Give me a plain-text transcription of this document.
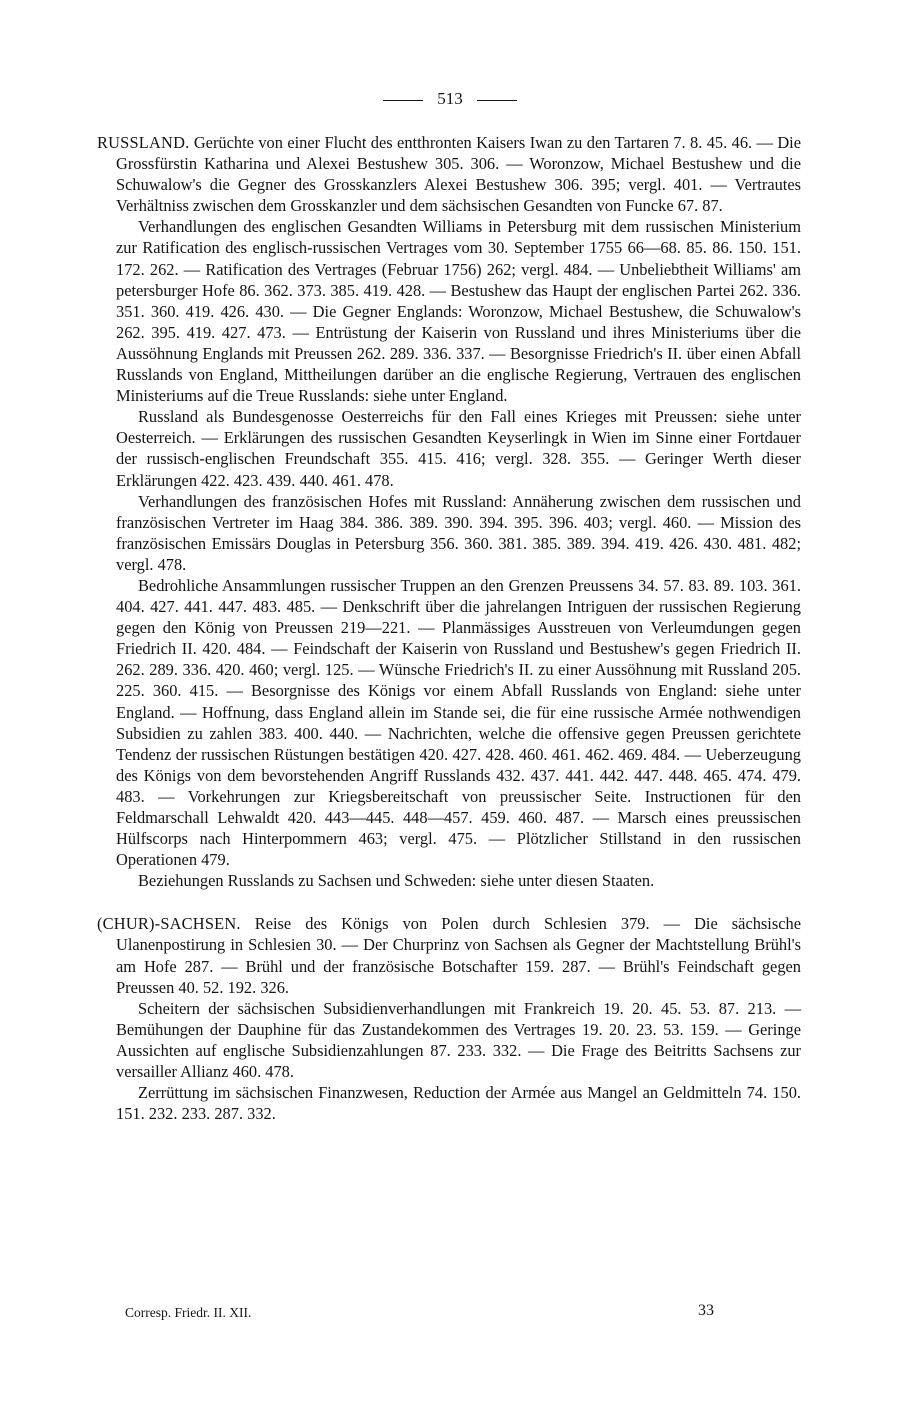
513

RUSSLAND. Gerüchte von einer Flucht des entthronten Kaisers Iwan zu den Tartaren 7. 8. 45. 46. — Die Grossfürstin Katharina und Alexei Bestushew 305. 306. — Woronzow, Michael Bestushew und die Schuwalow's die Gegner des Grosskanzlers Alexei Bestushew 306. 395; vergl. 401. — Vertrautes Verhältniss zwischen dem Grosskanzler und dem sächsischen Gesandten von Funcke 67. 87.

Verhandlungen des englischen Gesandten Williams in Petersburg mit dem russischen Ministerium zur Ratification des englisch-russischen Vertrages vom 30. September 1755 66—68. 85. 86. 150. 151. 172. 262. — Ratification des Vertrages (Februar 1756) 262; vergl. 484. — Unbeliebtheit Williams' am petersburger Hofe 86. 362. 373. 385. 419. 428. — Bestushew das Haupt der englischen Partei 262. 336. 351. 360. 419. 426. 430. — Die Gegner Englands: Woronzow, Michael Bestushew, die Schuwalow's 262. 395. 419. 427. 473. — Entrüstung der Kaiserin von Russland und ihres Ministeriums über die Aussöhnung Englands mit Preussen 262. 289. 336. 337. — Besorgnisse Friedrich's II. über einen Abfall Russlands von England, Mittheilungen darüber an die englische Regierung, Vertrauen des englischen Ministeriums auf die Treue Russlands: siehe unter England.

Russland als Bundesgenosse Oesterreichs für den Fall eines Krieges mit Preussen: siehe unter Oesterreich. — Erklärungen des russischen Gesandten Keyserlingk in Wien im Sinne einer Fortdauer der russisch-englischen Freundschaft 355. 415. 416; vergl. 328. 355. — Geringer Werth dieser Erklärungen 422. 423. 439. 440. 461. 478.

Verhandlungen des französischen Hofes mit Russland: Annäherung zwischen dem russischen und französischen Vertreter im Haag 384. 386. 389. 390. 394. 395. 396. 403; vergl. 460. — Mission des französischen Emissärs Douglas in Petersburg 356. 360. 381. 385. 389. 394. 419. 426. 430. 481. 482; vergl. 478.

Bedrohliche Ansammlungen russischer Truppen an den Grenzen Preussens 34. 57. 83. 89. 103. 361. 404. 427. 441. 447. 483. 485. — Denkschrift über die jahrelangen Intriguen der russischen Regierung gegen den König von Preussen 219—221. — Planmässiges Ausstreuen von Verleumdungen gegen Friedrich II. 420. 484. — Feindschaft der Kaiserin von Russland und Bestushew's gegen Friedrich II. 262. 289. 336. 420. 460; vergl. 125. — Wünsche Friedrich's II. zu einer Aussöhnung mit Russland 205. 225. 360. 415. — Besorgnisse des Königs vor einem Abfall Russlands von England: siehe unter England. — Hoffnung, dass England allein im Stande sei, die für eine russische Armée nothwendigen Subsidien zu zahlen 383. 400. 440. — Nachrichten, welche die offensive gegen Preussen gerichtete Tendenz der russischen Rüstungen bestätigen 420. 427. 428. 460. 461. 462. 469. 484. — Ueberzeugung des Königs von dem bevorstehenden Angriff Russlands 432. 437. 441. 442. 447. 448. 465. 474. 479. 483. — Vorkehrungen zur Kriegsbereitschaft von preussischer Seite. Instructionen für den Feldmarschall Lehwaldt 420. 443—445. 448—457. 459. 460. 487. — Marsch eines preussischen Hülfscorps nach Hinterpommern 463; vergl. 475. — Plötzlicher Stillstand in den russischen Operationen 479.

Beziehungen Russlands zu Sachsen und Schweden: siehe unter diesen Staaten.

(CHUR)-SACHSEN. Reise des Königs von Polen durch Schlesien 379. — Die sächsische Ulanenpostirung in Schlesien 30. — Der Churprinz von Sachsen als Gegner der Machtstellung Brühl's am Hofe 287. — Brühl und der französische Botschafter 159. 287. — Brühl's Feindschaft gegen Preussen 40. 52. 192. 326.

Scheitern der sächsischen Subsidienverhandlungen mit Frankreich 19. 20. 45. 53. 87. 213. — Bemühungen der Dauphine für das Zustandekommen des Vertrages 19. 20. 23. 53. 159. — Geringe Aussichten auf englische Subsidienzahlungen 87. 233. 332. — Die Frage des Beitritts Sachsens zur versailler Allianz 460. 478.

Zerrüttung im sächsischen Finanzwesen, Reduction der Armée aus Mangel an Geldmitteln 74. 150. 151. 232. 233. 287. 332.

Corresp. Friedr. II. XII.	33
